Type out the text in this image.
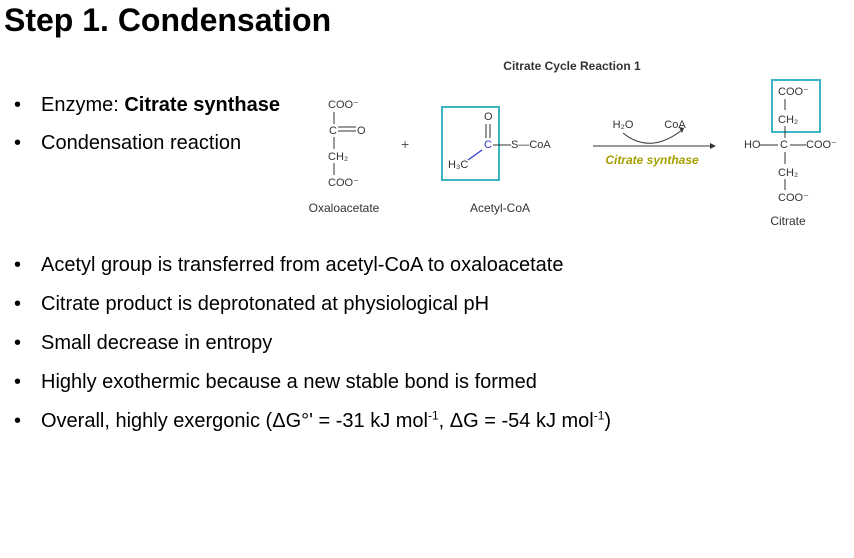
Step 1. Condensation
• Enzyme: Citrate synthase
• Condensation reaction
Citrate Cycle Reaction 1
COO⁻
C O
CH₂
COO⁻
Oxaloacetate
+
O
C
H₃C
S—CoA
Acetyl-CoA
H₂O	CoA
Citrate synthase
COO⁻
CH₂
HO C COO⁻
CH₂
COO⁻
Citrate
• Acetyl group is transferred from acetyl-CoA to oxaloacetate
• Citrate product is deprotonated at physiological pH
• Small decrease in entropy
• Highly exothermic because a new stable bond is formed
• Overall, highly exergonic (ΔG°' = -31 kJ mol$^{-1}$, ΔG = -54 kJ mol$^{-1}$)
